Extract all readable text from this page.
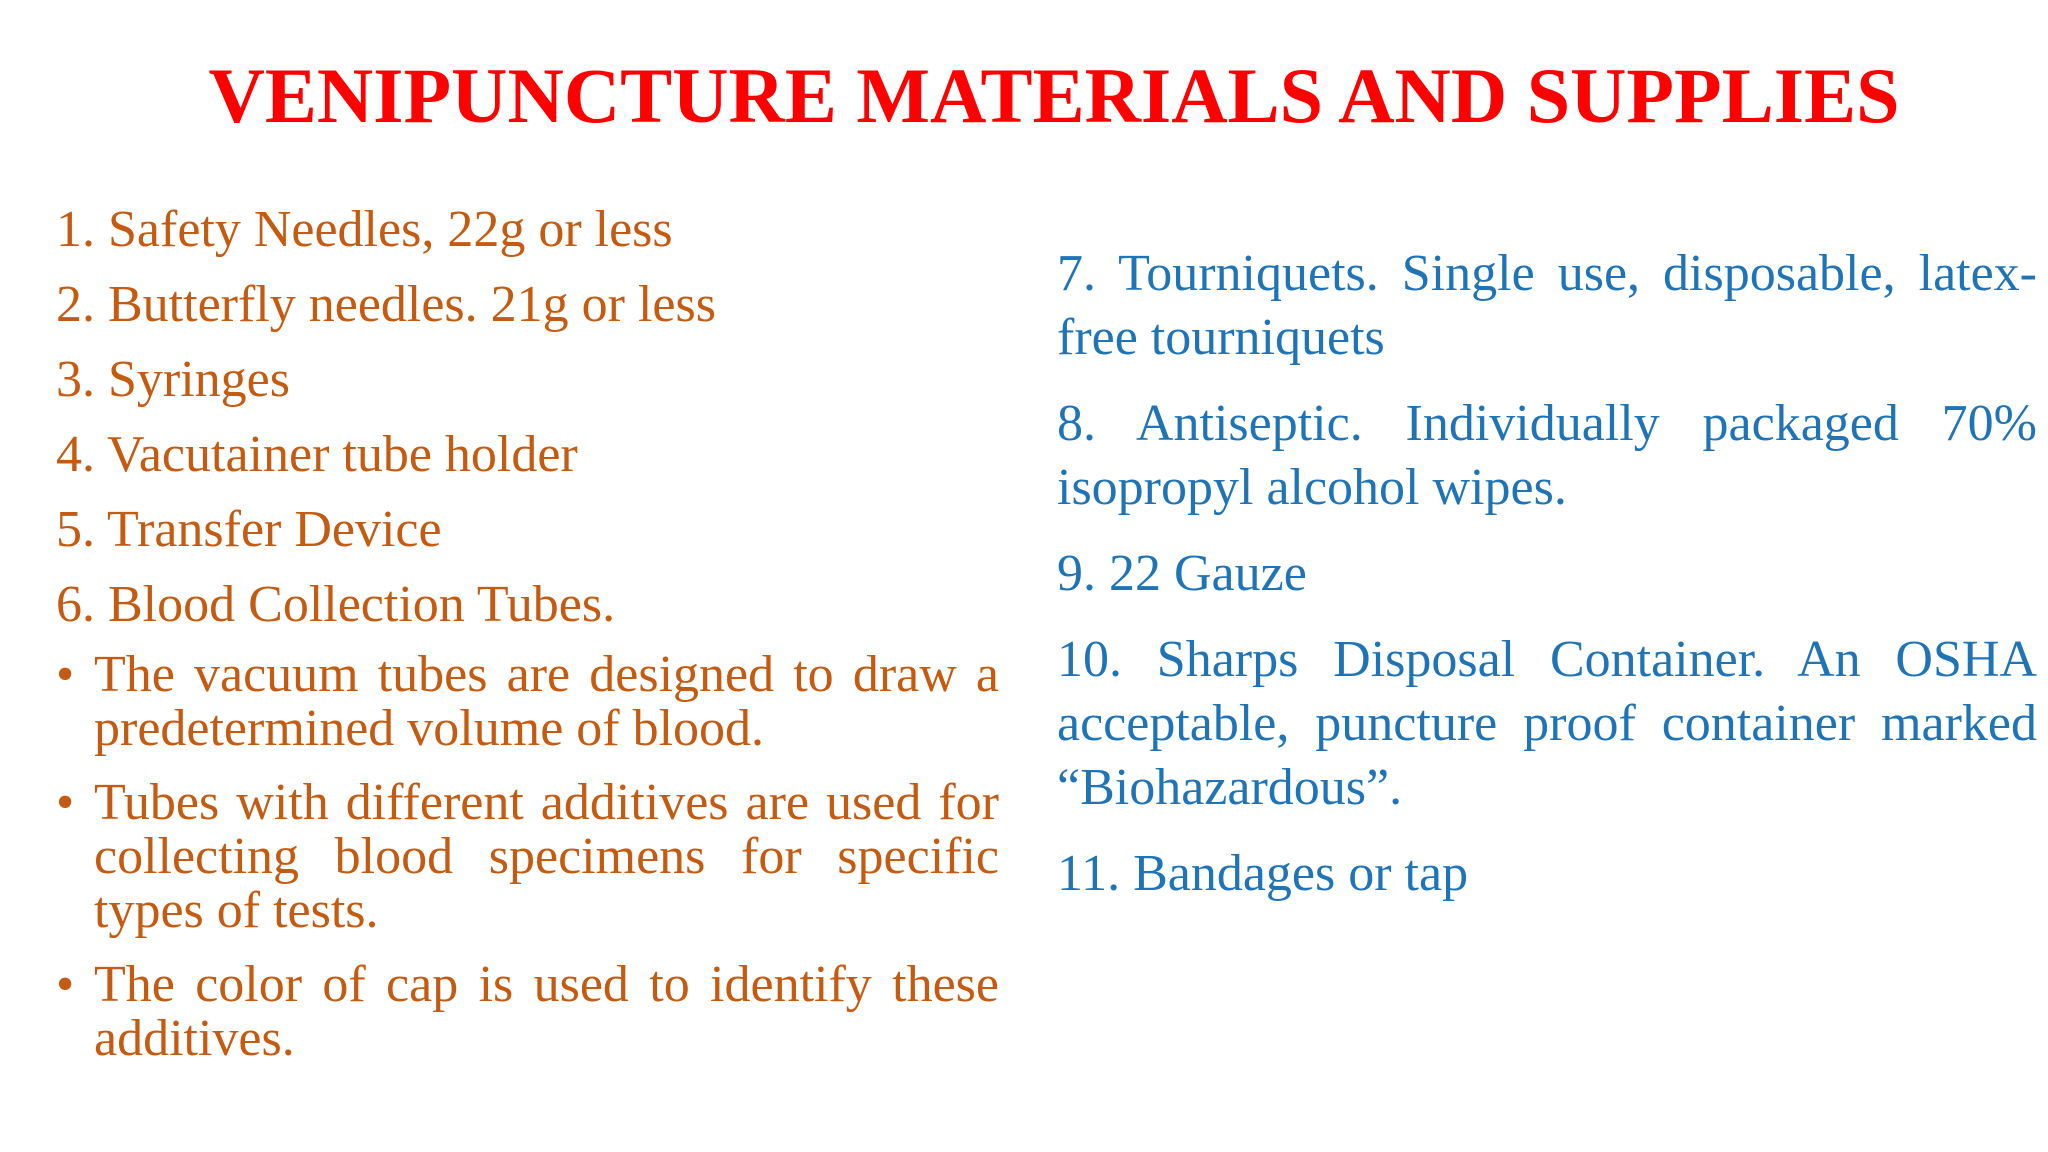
VENIPUNCTURE MATERIALS AND SUPPLIES
1. Safety Needles, 22g or less
2. Butterfly needles. 21g or less
3. Syringes
4. Vacutainer tube holder
5. Transfer Device
6. Blood Collection Tubes.
• The vacuum tubes are designed to draw a predetermined volume of blood.
• Tubes with different additives are used for collecting blood specimens for specific types of tests.
• The color of cap is used to identify these additives.
7. Tourniquets. Single use, disposable, latex-free tourniquets
8. Antiseptic. Individually packaged 70% isopropyl alcohol wipes.
9. 22 Gauze
10. Sharps Disposal Container. An OSHA acceptable, puncture proof container marked “Biohazardous”.
11. Bandages or tap
